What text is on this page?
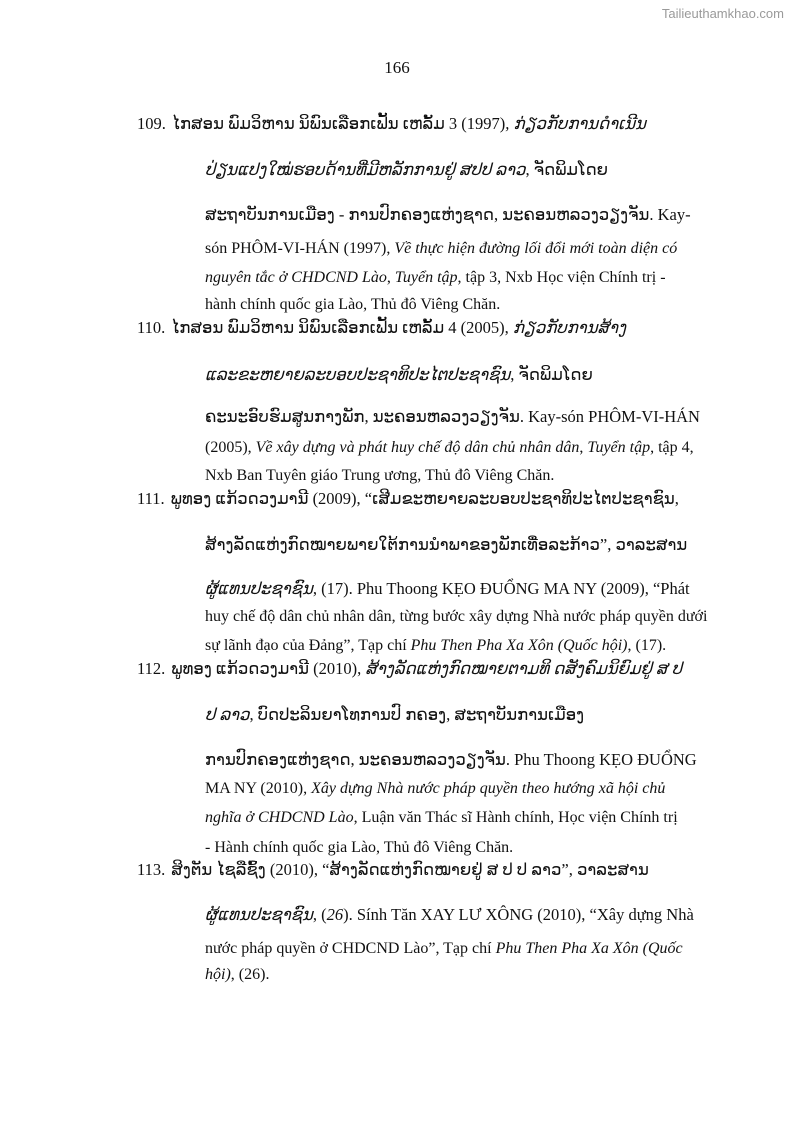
Tailieuthamkhao.com
166
109. ໄກສອນ ພົມວິຫານ ນິພົນເລືອກເຟັ້ນ ເຫລັ້ມ 3 (1997), ກ່ຽວກັບການດຳເນີນ
ປ່ຽນແປງໃໝ່ຮອບດ້ານທີ່ມີຫລັກການຢູ່ ສປປ ລາວ, ຈັດພິມໂດຍ
ສະຖາບັນການເມືອງ - ການປົກຄອງແຫ່ງຊາດ, ນະຄອນຫລວງວຽງຈັນ. Kay-
són PHÔM-VI-HÁN (1997), Về thực hiện đường lối đổi mới toàn diện có
nguyên tắc ở CHDCND Lào, Tuyển tập, tập 3, Nxb Học viện Chính trị -
hành chính quốc gia Lào, Thủ đô Viêng Chăn.
110. ໄກສອນ ພົມວິຫານ ນິພົນເລືອກເຟັ້ນ ເຫລັ້ມ 4 (2005), ກ່ຽວກັບການສ້າງ
ແລະຂະຫຍາຍລະບອບປະຊາທິປະໄຕປະຊາຊົນ, ຈັດພິມໂດຍ
ຄະນະອົບຮົມສູນກາງພັກ, ນະຄອນຫລວງວຽງຈັນ. Kay-són PHÔM-VI-HÁN
(2005), Về xây dựng và phát huy chế độ dân chủ nhân dân, Tuyển tập, tập 4,
Nxb Ban Tuyên giáo Trung ương, Thủ đô Viêng Chăn.
111. ພູທອງ ແກ້ວດວງມານີ (2009), “ເສີມຂະຫຍາຍລະບອບປະຊາທິປະໄຕປະຊາຊົນ,
ສ້າງລັດແຫ່ງກົດໝາຍພາຍໃຕ້ການນຳພາຂອງພັກເທື່ອລະກ້າວ”, ວາລະສານ
ຜູ້ແທນປະຊາຊົນ, (17). Phu Thoong KẸO ĐUỔNG MA NY (2009), “Phát
huy chế độ dân chủ nhân dân, từng bước xây dựng Nhà nước pháp quyền dưới
sự lãnh đạo của Đảng”, Tạp chí Phu Then Pha Xa Xôn (Quốc hội), (17).
112. ພູທອງ ແກ້ວດວງມານີ (2010), ສ້າງລັດແຫ່ງກົດໝາຍຕາມທິ ດສັງຄົມນິຍົມຢູ່ ສ ປ
ປ ລາວ, ບົດປະລິນຍາໂທການປົ ກຄອງ, ສະຖາບັນການເມືອງ
ການປົກຄອງແຫ່ງຊາດ, ນະຄອນຫລວງວຽງຈັນ. Phu Thoong KẸO ĐUỔNG
MA NY (2010), Xây dựng Nhà nước pháp quyền theo hướng xã hội chủ
nghĩa ở CHDCND Lào, Luận văn Thác sĩ Hành chính, Học viện Chính trị
- Hành chính quốc gia Lào, Thủ đô Viêng Chăn.
113. ສິງຕັນ ໄຊລືຊົ້ງ (2010), “ສ້າງລັດແຫ່ງກົດໝາຍຢູ່ ສ ປ ປ ລາວ”, ວາລະສານ
ຜູ້ແທນປະຊາຊົນ, (26). Sính Tăn XAY LƯ XÔNG (2010), “Xây dựng Nhà
nước pháp quyền ở CHDCND Lào”, Tạp chí Phu Then Pha Xa Xôn (Quốc
hội), (26).
